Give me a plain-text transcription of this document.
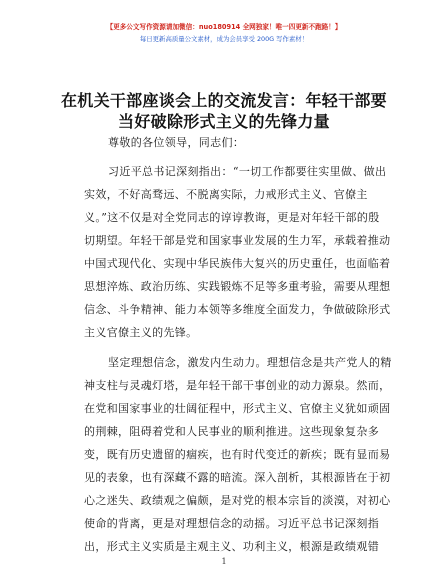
【更多公文写作资源请加微信：nuo180914 全网独家！唯一四更新不跑路！】
每日更新高质量公文素材，成为会员享受 200G 写作素材！
在机关干部座谈会上的交流发言：年轻干部要
当好破除形式主义的先锋力量
尊敬的各位领导，同志们：
习近平总书记深刻指出：“一切工作都要往实里做、做出
实效，不好高骛远、不脱离实际，力戒形式主义、官僚主
义。”这不仅是对全党同志的谆谆教诲，更是对年轻干部的殷
切期望。年轻干部是党和国家事业发展的生力军，承载着推动
中国式现代化、实现中华民族伟大复兴的历史重任，也面临着
思想淬炼、政治历练、实践锻炼不足等多重考验，需要从理想
信念、斗争精神、能力本领等多维度全面发力，争做破除形式
主义官僚主义的先锋。
坚定理想信念，激发内生动力。理想信念是共产党人的精
神支柱与灵魂灯塔，是年轻干部干事创业的动力源泉。然而，
在党和国家事业的壮阔征程中，形式主义、官僚主义犹如顽固
的荆棘，阻碍着党和人民事业的顺利推进。这些现象复杂多
变，既有历史遗留的痼疾，也有时代变迁的新疾；既有显而易
见的表象，也有深藏不露的暗流。深入剖析，其根源皆在于初
心之迷失、政绩观之偏颇，是对党的根本宗旨的淡漠，对初心
使命的背离，更是对理想信念的动摇。习近平总书记深刻指
出，形式主义实质是主观主义、功利主义，根源是政绩观错
1
